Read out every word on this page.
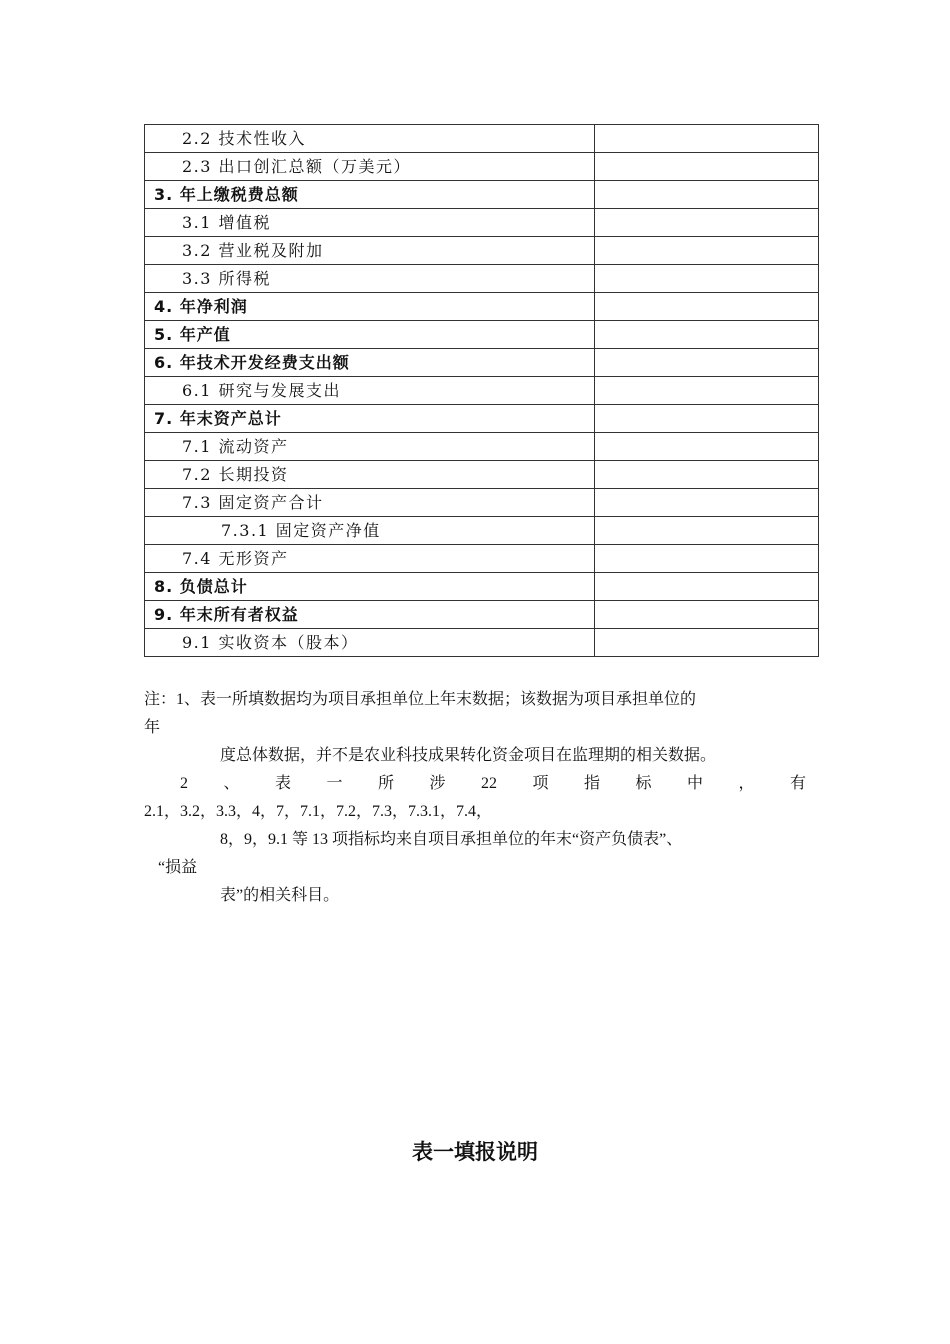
2.2 技术性收入	
2.3 出口创汇总额（万美元）	
3. 年上缴税费总额	
3.1 增值税	
3.2 营业税及附加	
3.3 所得税	
4. 年净利润	
5. 年产值	
6. 年技术开发经费支出额	
6.1 研究与发展支出	
7. 年末资产总计	
7.1 流动资产	
7.2 长期投资	
7.3 固定资产合计	
7.3.1 固定资产净值	
7.4 无形资产	
8. 负债总计	
9. 年末所有者权益	
9.1 实收资本（股本）	
注：1、表一所填数据均为项目承担单位上年末数据；该数据为项目承担单位的
年
度总体数据，并不是农业科技成果转化资金项目在监理期的相关数据。
2 、 表 一 所 涉 22 项 指 标 中 ， 有
2.1，3.2，3.3，4，7，7.1，7.2，7.3，7.3.1，7.4，
8，9，9.1 等 13 项指标均来自项目承担单位的年末“资产负债表”、
“损益
表”的相关科目。
表一填报说明
